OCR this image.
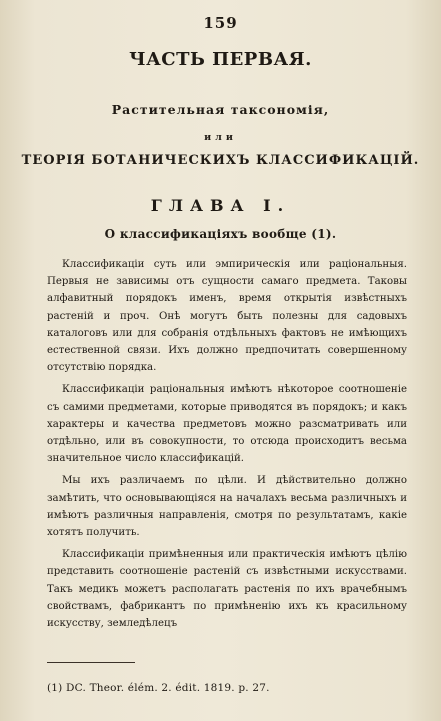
159
ЧАСТЬ ПЕРВАЯ.
Растительная таксономія,
или
ТЕОРІЯ БОТАНИЧЕСКИХЪ КЛАССИФИКАЦІЙ.
ГЛАВА I.
О классификаціяхъ вообще (1).

Классификаціи суть или эмпирическія или раціональныя. Первыя не зависимы отъ сущности самаго предмета. Таковы алфавитный порядокъ именъ, время открытія извѣстныхъ растеній и проч. Онѣ могутъ быть полезны для садовыхъ каталоговъ или для собранія отдѣльныхъ фактовъ не имѣющихъ естественной связи. Ихъ должно предпочитать совершенному отсутствію порядка.

Классификаціи раціональныя имѣютъ нѣкоторое соотношеніе съ самими предметами, которые приводятся въ порядокъ; и какъ характеры и качества предметовъ можно разсматривать или отдѣльно, или въ совокупности, то отсюда происходитъ весьма значительное число классификацій.

Мы ихъ различаемъ по цѣли. И дѣйствительно должно замѣтить, что основывающіяся на началахъ весьма различныхъ и имѣютъ различныя направленія, смотря по результатамъ, какіе хотятъ получить.

Классификаціи примѣненныя или практическія имѣютъ цѣлію представить соотношеніе растеній съ извѣстными искусствами. Такъ медикъ можетъ располагать растенія по ихъ врачебнымъ свойствамъ, фабрикантъ по примѣненію ихъ къ красильному искусству, земледѣлецъ

(1) DC. Theor. élém. 2. édit. 1819. p. 27.
